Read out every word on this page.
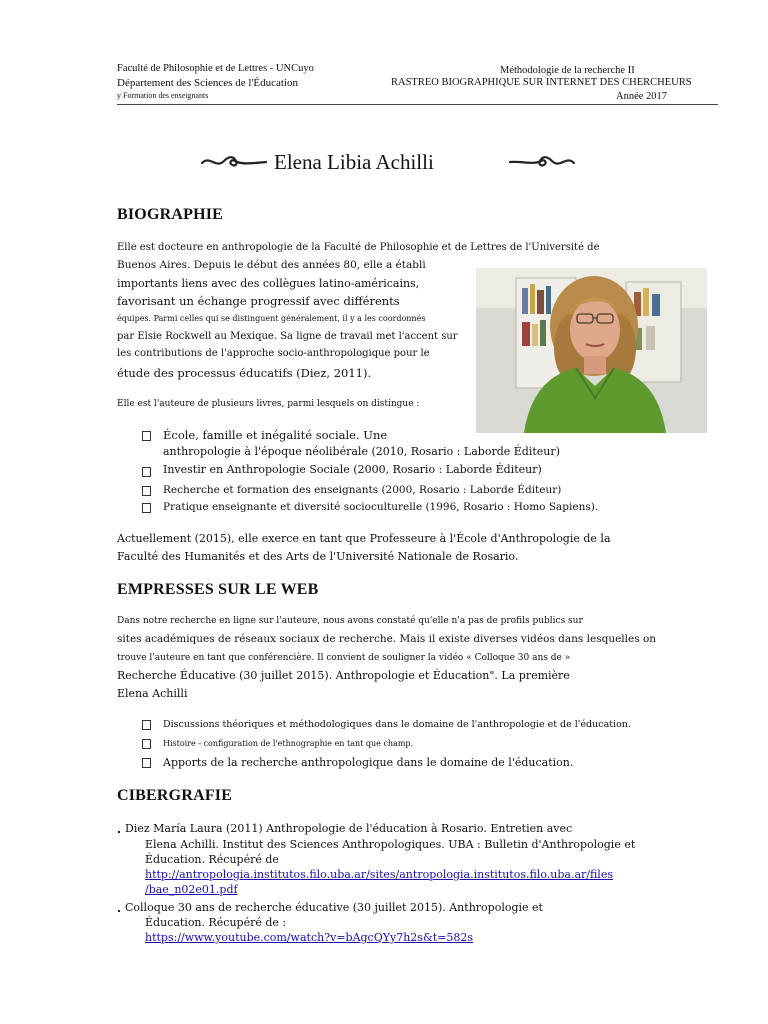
Faculté de Philosophie et de Lettres - UNCuyo
Département des Sciences de l'Éducation
y Formation des enseignants
Méthodologie de la recherche II
RASTREO BIOGRAPHIQUE SUR INTERNET DES CHERCHEURS
Année 2017
Elena Libia Achilli
BIOGRAPHIE
Elle est docteure en anthropologie de la Faculté de Philosophie et de Lettres de l'Université de
Buenos Aires. Depuis le début des années 80, elle a établi
importants liens avec des collègues latino-américains,
favorisant un échange progressif avec différents
équipes. Parmi celles qui se distinguent généralement, il y a les coordonnés
par Elsie Rockwell au Mexique. Sa ligne de travail met l'accent sur
les contributions de l'approche socio-anthropologique pour le
étude des processus éducatifs (Diez, 2011).
Elle est l'auteure de plusieurs livres, parmi lesquels on distingue :
École, famille et inégalité sociale. Une
anthropologie à l'époque néolibérale (2010, Rosario : Laborde Éditeur)
Investir en Anthropologie Sociale (2000, Rosario : Laborde Éditeur)
Recherche et formation des enseignants (2000, Rosario : Laborde Éditeur)
Pratique enseignante et diversité socioculturelle (1996, Rosario : Homo Sapiens).
Actuellement (2015), elle exerce en tant que Professeure à l'École d'Anthropologie de la
Faculté des Humanités et des Arts de l'Université Nationale de Rosario.
EMPRESSES SUR LE WEB
Dans notre recherche en ligne sur l'auteure, nous avons constaté qu'elle n'a pas de profils publics sur
sites académiques de réseaux sociaux de recherche. Mais il existe diverses vidéos dans lesquelles on
trouve l'auteure en tant que conférencière. Il convient de souligner la vidéo « Colloque 30 ans de »
Recherche Éducative (30 juillet 2015). Anthropologie et Éducation". La première
Elena Achilli
Discussions théoriques et méthodologiques dans le domaine de l'anthropologie et de l'éducation.
Histoire - configuration de l'ethnographie en tant que champ.
Apports de la recherche anthropologique dans le domaine de l'éducation.
CIBERGRAFIE
Diez María Laura (2011) Anthropologie de l'éducation à Rosario. Entretien avec
Elena Achilli. Institut des Sciences Anthropologiques. UBA : Bulletin d'Anthropologie et
Éducation. Récupéré de
http://antropologia.institutos.filo.uba.ar/sites/antropologia.institutos.filo.uba.ar/files
/bae_n02e01.pdf
Colloque 30 ans de recherche éducative (30 juillet 2015). Anthropologie et
Éducation. Récupéré de :
https://www.youtube.com/watch?v=bAgcQYy7h2s&t=582s
